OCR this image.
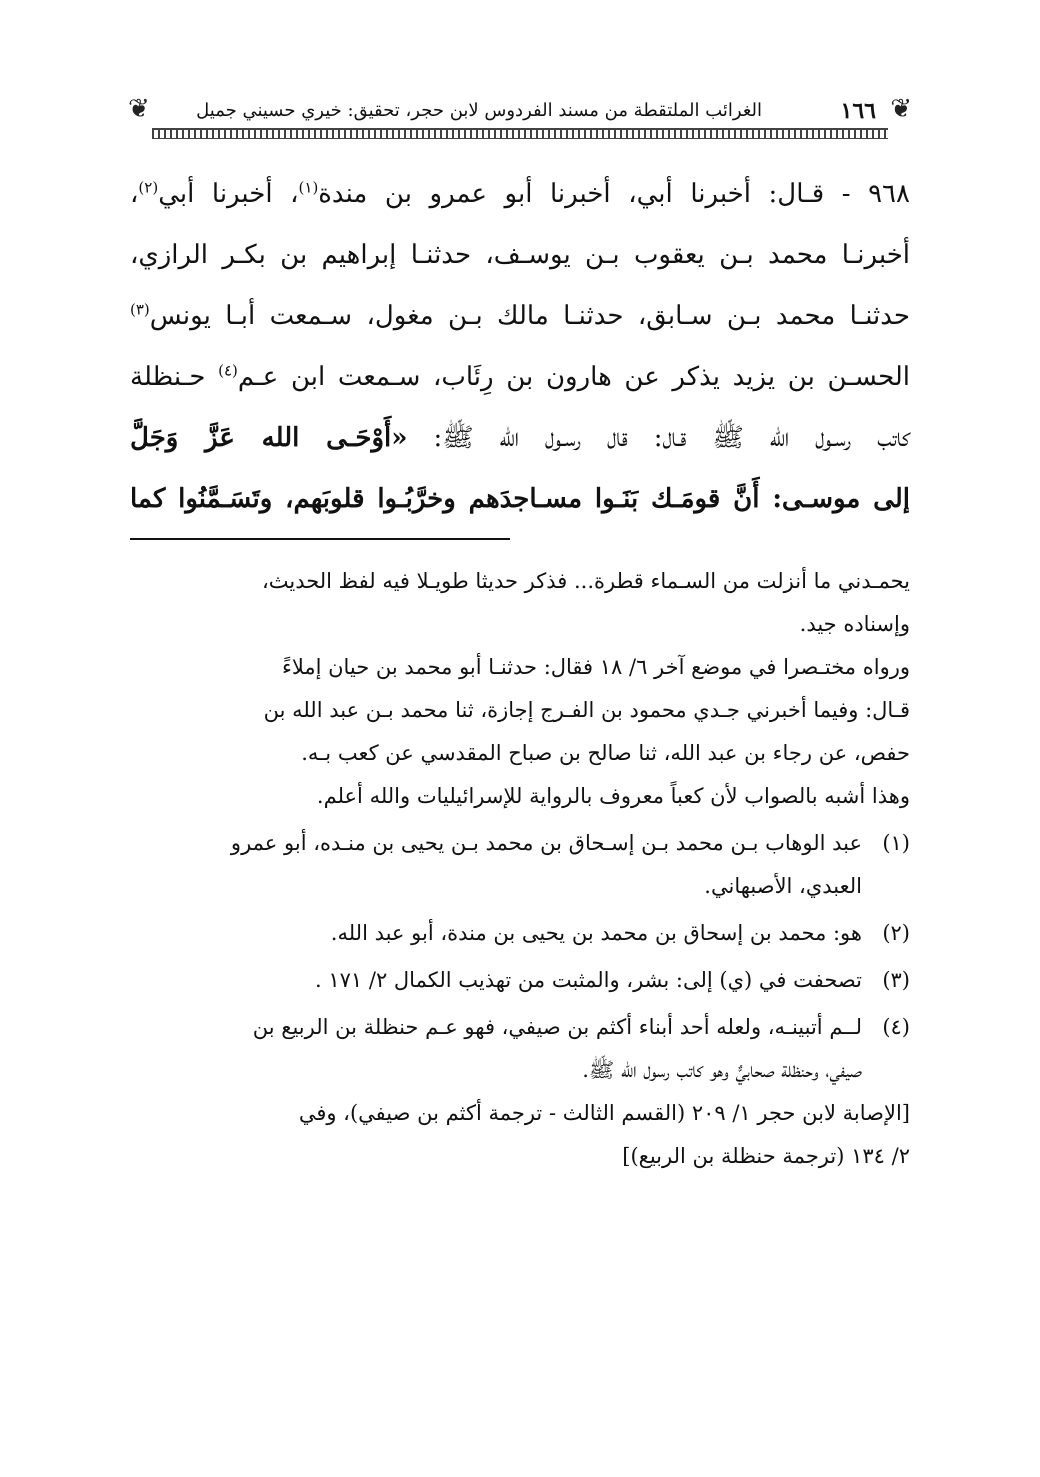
❦	الغرائب الملتقطة من مسند الفردوس لابن حجر، تحقيق: خيري حسيني جميل	١٦٦ ❦
٩٦٨ - قـال: أخبرنا أبي، أخبرنا أبو عمرو بن مندة$^{(١)}$، أخبرنا أبي$^{(٢)}$،
أخبرنـا محمد بـن يعقوب بـن يوسـف، حدثنـا إبراهيم بن بكـر الرازي،
حدثنـا محمد بـن سـابق، حدثنـا مالك بـن مغول، سـمعت أبـا يونس$^{(٣)}$
الحسـن بن يزيد يذكر عن هارون بن رِئَاب، سـمعت ابن عـم$^{(٤)}$ حـنظلة
كاتب رسـول الله ﷺ قـال: قال رسـول الله ﷺ: «أَوْحَـى الله عَزَّ وَجَلَّ
إلى موسـى: أَنَّ قومَـك بَنَـوا مسـاجدَهم وخرَّبُـوا قلوبَهم، وتَسَـمَّنُوا كما
يحمـدني ما أنزلت من السـماء قطرة... فذكر حديثا طويـلا فيه لفظ الحديث،
وإسناده جيد.
ورواه مختـصرا في موضع آخر ٦/ ١٨ فقال: حدثنـا أبو محمد بن حيان إملاءً
قـال: وفيما أخبرني جـدي محمود بن الفـرج إجازة، ثنا محمد بـن عبد الله بن
حفص، عن رجاء بن عبد الله، ثنا صالح بن صباح المقدسي عن كعب بـه.
وهذا أشبه بالصواب لأن كعباً معروف بالرواية للإسرائيليات والله أعلم.
(١)
عبد الوهاب بـن محمد بـن إسـحاق بن محمد بـن يحيى بن منـده، أبو عمرو
العبدي، الأصبهاني.
(٢)
هو: محمد بن إسحاق بن محمد بن يحيى بن مندة، أبو عبد الله.
(٣)
تصحفت في (ي) إلى: بشر، والمثبت من تهذيب الكمال ٢/ ١٧١ .
(٤)
لــم أتبينـه، ولعله أحد أبناء أكثم بن صيفي، فهو عـم حنظلة بن الربيع بن
صيفي، وحنظلة صحابيٌّ وهو كاتب رسول الله ﷺ.
[الإصابة لابن حجر ١/ ٢٠٩ (القسم الثالث - ترجمة أكثم بن صيفي)، وفي
٢/ ١٣٤ (ترجمة حنظلة بن الربيع)]
